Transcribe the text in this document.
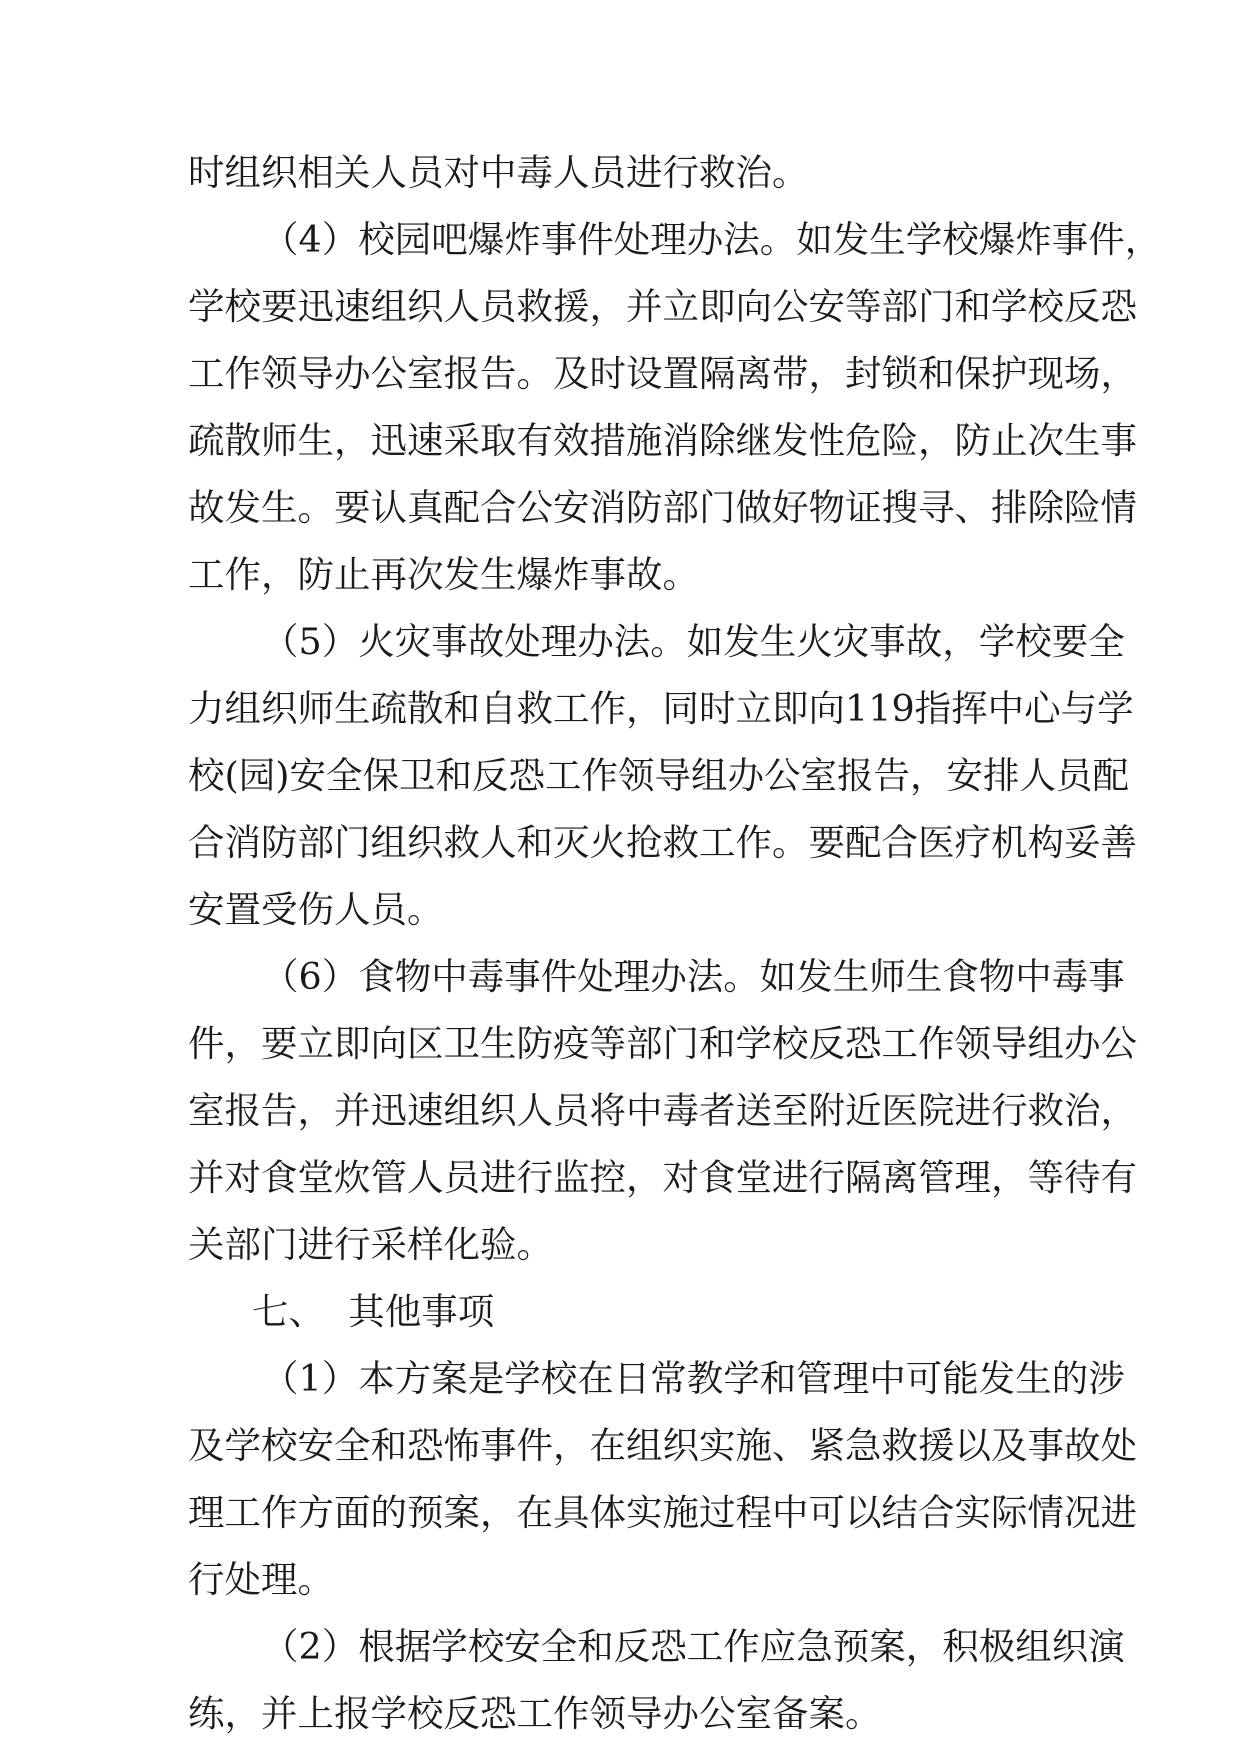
时组织相关人员对中毒人员进行救治。
（4）校园吧爆炸事件处理办法。如发生学校爆炸事件，
学校要迅速组织人员救援，并立即向公安等部门和学校反恐
工作领导办公室报告。及时设置隔离带，封锁和保护现场，
疏散师生，迅速采取有效措施消除继发性危险，防止次生事
故发生。要认真配合公安消防部门做好物证搜寻、排除险情
工作，防止再次发生爆炸事故。
（5）火灾事故处理办法。如发生火灾事故，学校要全
力组织师生疏散和自救工作，同时立即向119指挥中心与学
校(园)安全保卫和反恐工作领导组办公室报告，安排人员配
合消防部门组织救人和灭火抢救工作。要配合医疗机构妥善
安置受伤人员。
（6）食物中毒事件处理办法。如发生师生食物中毒事
件，要立即向区卫生防疫等部门和学校反恐工作领导组办公
室报告，并迅速组织人员将中毒者送至附近医院进行救治，
并对食堂炊管人员进行监控，对食堂进行隔离管理，等待有
关部门进行采样化验。
七、  其他事项
（1）本方案是学校在日常教学和管理中可能发生的涉
及学校安全和恐怖事件，在组织实施、紧急救援以及事故处
理工作方面的预案，在具体实施过程中可以结合实际情况进
行处理。
（2）根据学校安全和反恐工作应急预案，积极组织演
练，并上报学校反恐工作领导办公室备案。
